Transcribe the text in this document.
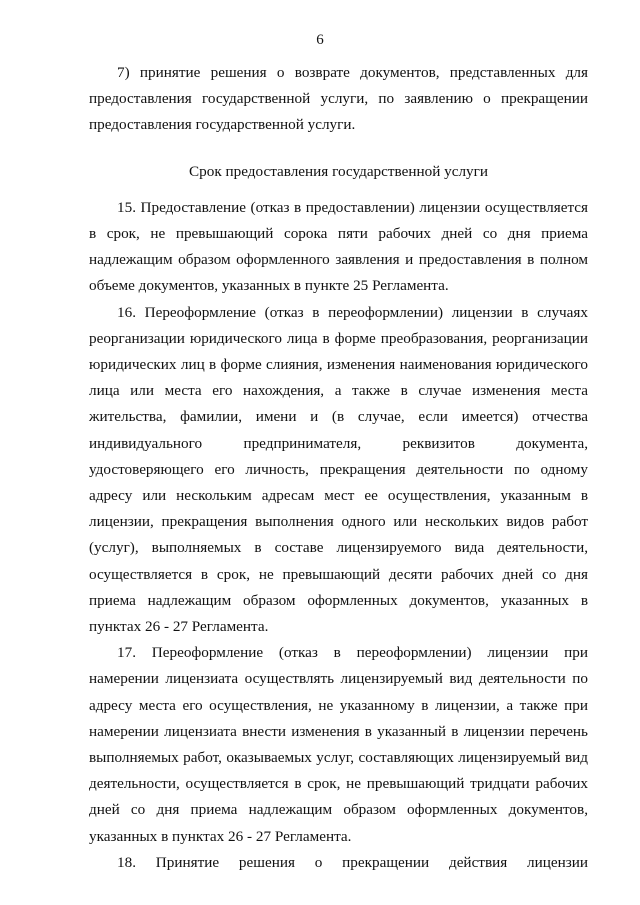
6

7) принятие решения о возврате документов, представленных для предоставления государственной услуги, по заявлению о прекращении предоставления государственной услуги.

Срок предоставления государственной услуги

15. Предоставление (отказ в предоставлении) лицензии осуществляется в срок, не превышающий сорока пяти рабочих дней со дня приема надлежащим образом оформленного заявления и предоставления в полном объеме документов, указанных в пункте 25 Регламента.

16. Переоформление (отказ в переоформлении) лицензии в случаях реорганизации юридического лица в форме преобразования, реорганизации юридических лиц в форме слияния, изменения наименования юридического лица или места его нахождения, а также в случае изменения места жительства, фамилии, имени и (в случае, если имеется) отчества индивидуального предпринимателя, реквизитов документа, удостоверяющего его личность, прекращения деятельности по одному адресу или нескольким адресам мест ее осуществления, указанным в лицензии, прекращения выполнения одного или нескольких видов работ (услуг), выполняемых в составе лицензируемого вида деятельности, осуществляется в срок, не превышающий десяти рабочих дней со дня приема надлежащим образом оформленных документов, указанных в пунктах 26 - 27 Регламента.

17. Переоформление (отказ в переоформлении) лицензии при намерении лицензиата осуществлять лицензируемый вид деятельности по адресу места его осуществления, не указанному в лицензии, а также при намерении лицензиата внести изменения в указанный в лицензии перечень выполняемых работ, оказываемых услуг, составляющих лицензируемый вид деятельности, осуществляется в срок, не превышающий тридцати рабочих дней со дня приема надлежащим образом оформленных документов, указанных в пунктах 26 - 27 Регламента.

18. Принятие решения о прекращении действия лицензии
